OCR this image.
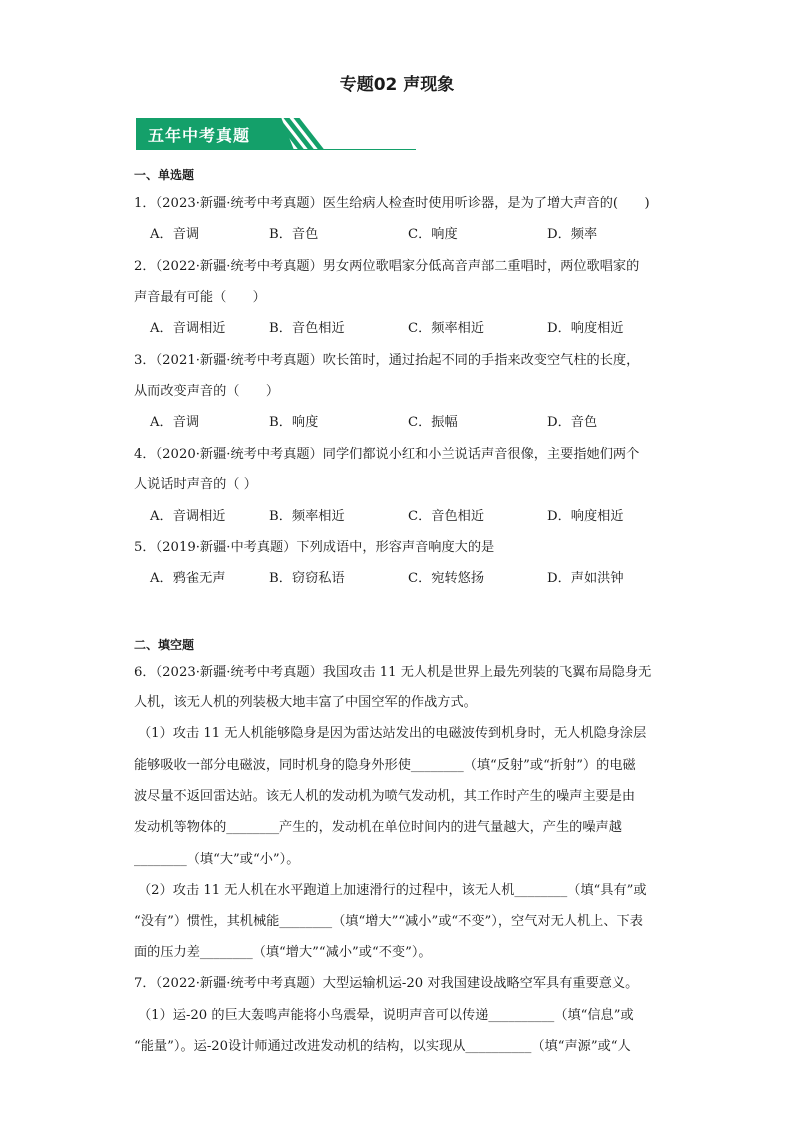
专题02 声现象
五年中考真题
一、单选题
1．（2023·新疆·统考中考真题）医生给病人检查时使用听诊器，是为了增大声音的(　　)
A．音调	B．音色	C．响度	D．频率
2．（2022·新疆·统考中考真题）男女两位歌唱家分低高音声部二重唱时，两位歌唱家的
声音最有可能（　　）
A．音调相近	B．音色相近	C．频率相近	D．响度相近
3．（2021·新疆·统考中考真题）吹长笛时，通过抬起不同的手指来改变空气柱的长度，
从而改变声音的（　　）
A．音调	B．响度	C．振幅	D．音色
4．（2020·新疆·统考中考真题）同学们都说小红和小兰说话声音很像，主要指她们两个
人说话时声音的（ ）
A．音调相近	B．频率相近	C．音色相近	D．响度相近
5．（2019·新疆·中考真题）下列成语中，形容声音响度大的是
A．鸦雀无声	B．窃窃私语	C．宛转悠扬	D．声如洪钟
二、填空题
6．（2023·新疆·统考中考真题）我国攻击 11 无人机是世界上最先列装的飞翼布局隐身无
人机，该无人机的列装极大地丰富了中国空军的作战方式。
（1）攻击 11 无人机能够隐身是因为雷达站发出的电磁波传到机身时，无人机隐身涂层
能够吸收一部分电磁波，同时机身的隐身外形使________（填“反射”或“折射”）的电磁
波尽量不返回雷达站。该无人机的发动机为喷气发动机，其工作时产生的噪声主要是由
发动机等物体的________产生的，发动机在单位时间内的进气量越大，产生的噪声越
________（填“大”或“小”）。
（2）攻击 11 无人机在水平跑道上加速滑行的过程中，该无人机________（填“具有”或
“没有”）惯性，其机械能________（填“增大”“减小”或“不变”），空气对无人机上、下表
面的压力差________（填“增大”“减小”或“不变”）。
7．（2022·新疆·统考中考真题）大型运输机运-20 对我国建设战略空军具有重要意义。
（1）运-20 的巨大轰鸣声能将小鸟震晕，说明声音可以传递__________（填“信息”或
“能量”）。运-20设计师通过改进发动机的结构，以实现从__________（填“声源”或“人
